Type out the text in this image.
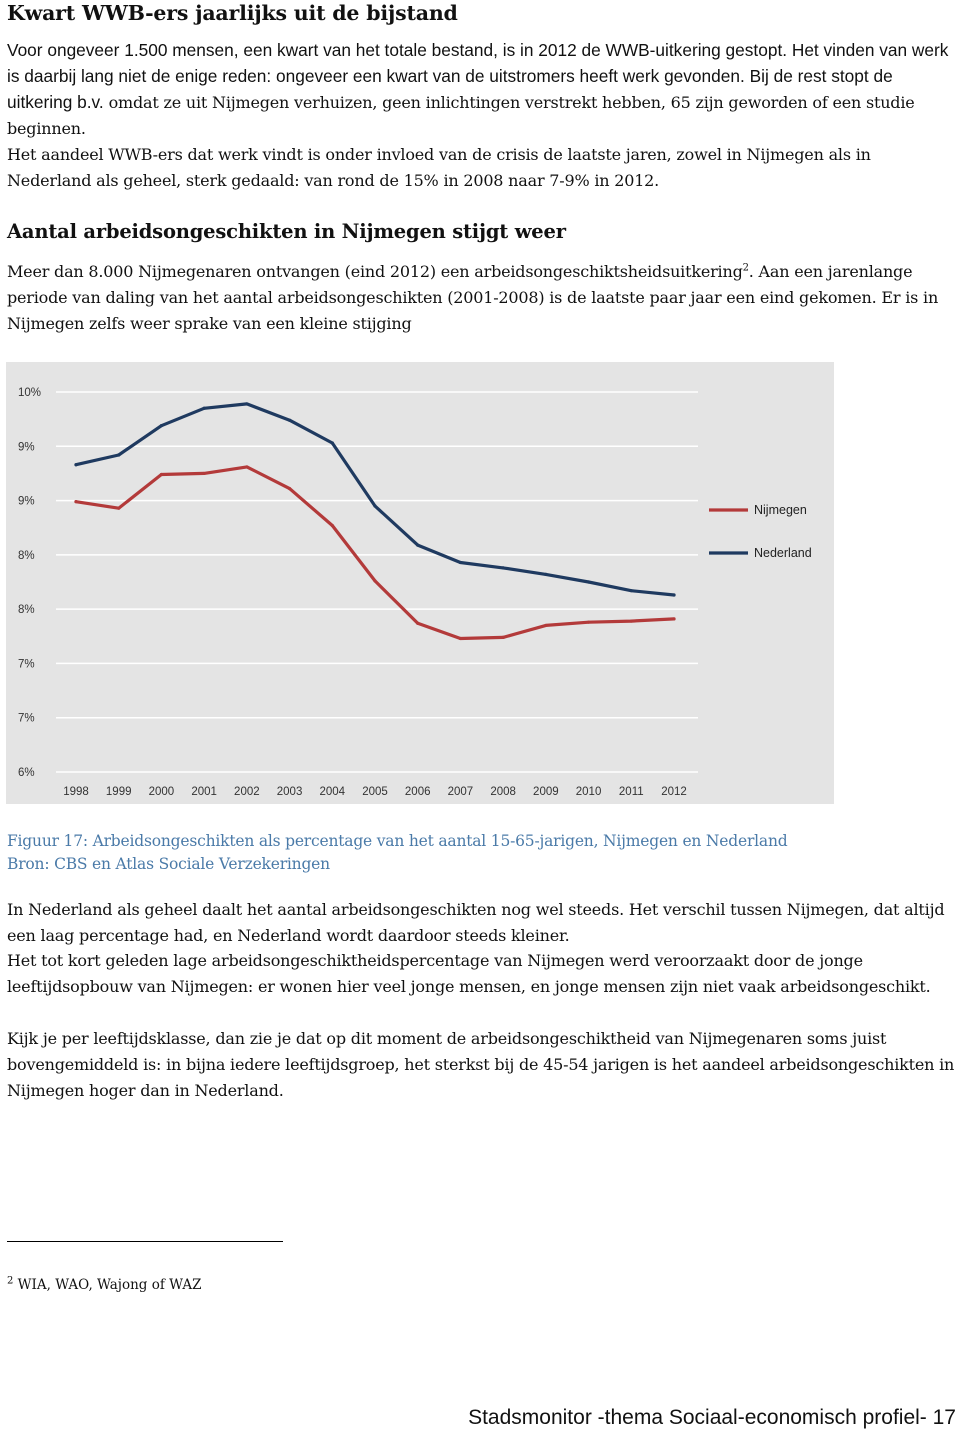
Kwart WWB-ers jaarlijks uit de bijstand

Voor ongeveer 1.500 mensen, een kwart van het totale bestand, is in 2012 de WWB-uitkering gestopt. Het vinden van werk is daarbij lang niet de enige reden: ongeveer een kwart van de uitstromers heeft werk gevonden. Bij de rest stopt de uitkering b.v. omdat ze uit Nijmegen verhuizen, geen inlichtingen verstrekt hebben, 65 zijn geworden of een studie beginnen.

Het aandeel WWB-ers dat werk vindt is onder invloed van de crisis de laatste jaren, zowel in Nijmegen als in Nederland als geheel, sterk gedaald: van rond de 15% in 2008 naar 7-9% in 2012.

Aantal arbeidsongeschikten in Nijmegen stijgt weer

Meer dan 8.000 Nijmegenaren ontvangen (eind 2012) een arbeidsongeschiktsheidsuitkering$^2$. Aan een jarenlange periode van daling van het aantal arbeidsongeschikten (2001-2008) is de laatste paar jaar een eind gekomen. Er is in Nijmegen zelfs weer sprake van een kleine stijging

10%
9%
9%
8%
8%
7%
7%
6%
1998 1999 2000 2001 2002 2003 2004 2005 2006 2007 2008 2009 2010 2011 2012
Nijmegen
Nederland
Figuur 17: Arbeidsongeschikten als percentage van het aantal 15-65-jarigen, Nijmegen en Nederland
Bron: CBS en Atlas Sociale Verzekeringen

In Nederland als geheel daalt het aantal arbeidsongeschikten nog wel steeds. Het verschil tussen Nijmegen, dat altijd een laag percentage had, en Nederland wordt daardoor steeds kleiner.

Het tot kort geleden lage arbeidsongeschiktheidspercentage van Nijmegen werd veroorzaakt door de jonge leeftijdsopbouw van Nijmegen: er wonen hier veel jonge mensen, en jonge mensen zijn niet vaak arbeidsongeschikt.

Kijk je per leeftijdsklasse, dan zie je dat op dit moment de arbeidsongeschiktheid van Nijmegenaren soms juist bovengemiddeld is: in bijna iedere leeftijdsgroep, het sterkst bij de 45-54 jarigen is het aandeel arbeidsongeschikten in Nijmegen hoger dan in Nederland.

$^2$ WIA, WAO, Wajong of WAZ
Stadsmonitor -thema Sociaal-economisch profiel- 17
